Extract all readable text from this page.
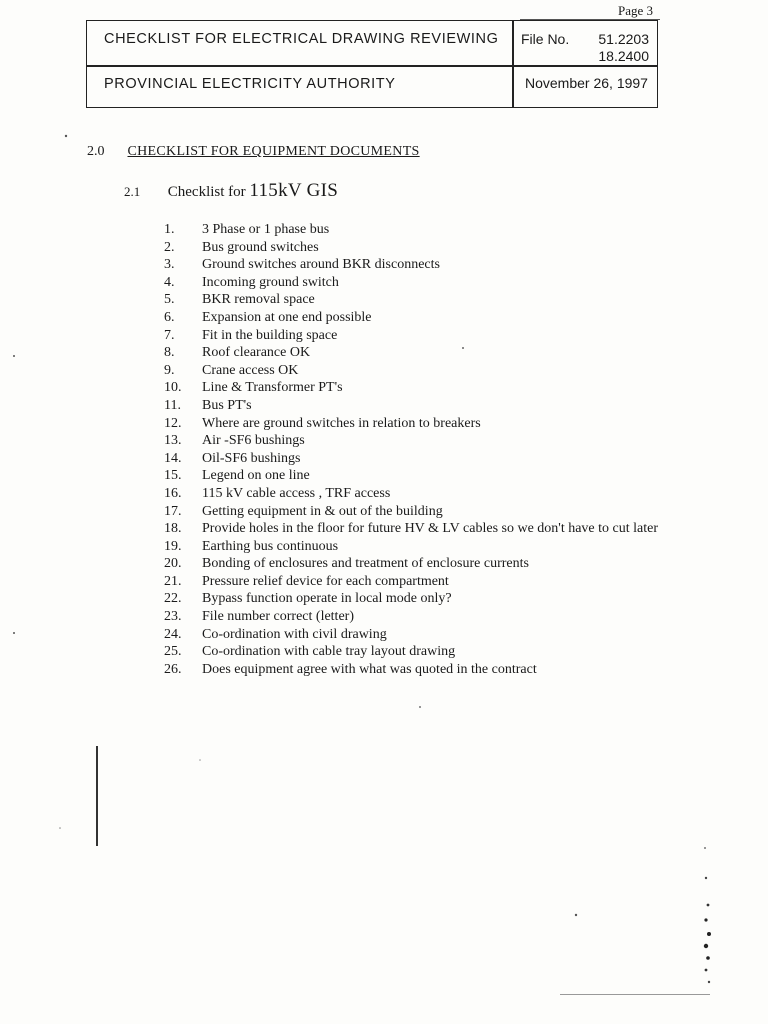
Page 3
CHECKLIST FOR ELECTRICAL DRAWING REVIEWING File No. 51.2203
18.2400
PROVINCIAL ELECTRICITY AUTHORITY	November 26, 1997
2.0 CHECKLIST FOR EQUIPMENT DOCUMENTS
2.1 Checklist for 115kV GIS
1.	3 Phase or 1 phase bus
2.	Bus ground switches
3.	Ground switches around BKR disconnects
4.	Incoming ground switch
5.	BKR removal space
6.	Expansion at one end possible
7.	Fit in the building space
8.	Roof clearance OK
9.	Crane access OK
10.	Line & Transformer PT's
11.	Bus PT's
12.	Where are ground switches in relation to breakers
13.	Air -SF6 bushings
14.	Oil-SF6 bushings
15.	Legend on one line
16.	115 kV cable access , TRF access
17.	Getting equipment in & out of the building
18.	Provide holes in the floor for future HV & LV cables so we don't have to cut later
19.	Earthing bus continuous
20.	Bonding of enclosures and treatment of enclosure currents
21.	Pressure relief device for each compartment
22.	Bypass function operate in local mode only?
23.	File number correct (letter)
24.	Co-ordination with civil drawing
25.	Co-ordination with cable tray layout drawing
26.	Does equipment agree with what was quoted in the contract
